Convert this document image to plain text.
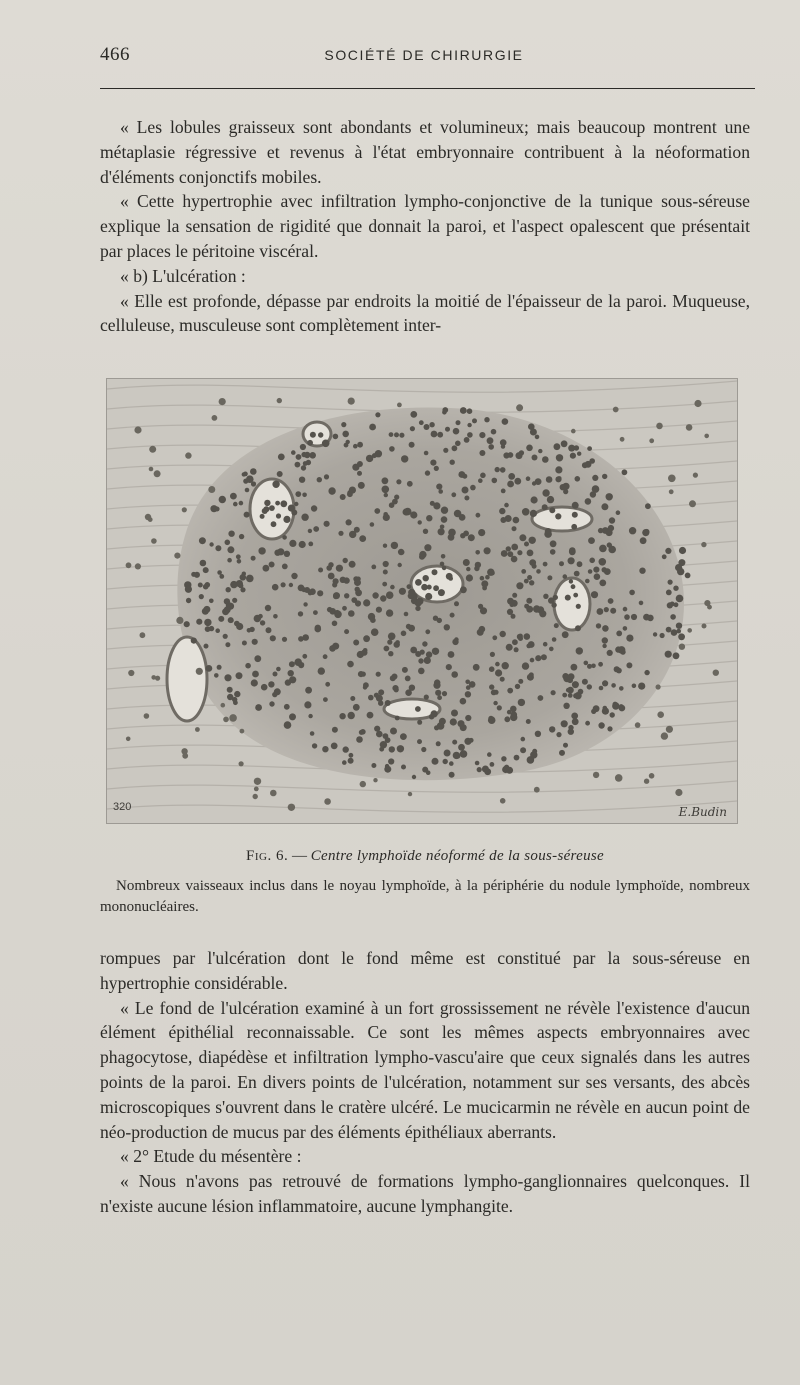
466	SOCIÉTÉ DE CHIRURGIE

« Les lobules graisseux sont abondants et volumineux; mais beaucoup montrent une métaplasie régressive et revenus à l'état embryonnaire contribuent à la néoformation d'éléments conjonctifs mobiles.

« Cette hypertrophie avec infiltration lympho-conjonctive de la tunique sous-séreuse explique la sensation de rigidité que donnait la paroi, et l'aspect opalescent que présentait par places le péritoine viscéral.

« b) L'ulcération :

« Elle est profonde, dépasse par endroits la moitié de l'épaisseur de la paroi. Muqueuse, celluleuse, musculeuse sont complètement inter-

320	E.Budin
Fig. 6. — Centre lymphoïde néoformé de la sous-séreuse
Nombreux vaisseaux inclus dans le noyau lymphoïde, à la périphérie du nodule lymphoïde, nombreux mononucléaires.

rompues par l'ulcération dont le fond même est constitué par la sous-séreuse en hypertrophie considérable.

« Le fond de l'ulcération examiné à un fort grossissement ne révèle l'existence d'aucun élément épithélial reconnaissable. Ce sont les mêmes aspects embryonnaires avec phagocytose, diapédèse et infiltration lympho-vascu'aire que ceux signalés dans les autres points de la paroi. En divers points de l'ulcération, notamment sur ses versants, des abcès microscopiques s'ouvrent dans le cratère ulcéré. Le mucicarmin ne révèle en aucun point de néo-production de mucus par des éléments épithéliaux aberrants.

« 2° Etude du mésentère :

« Nous n'avons pas retrouvé de formations lympho-ganglionnaires quelconques. Il n'existe aucune lésion inflammatoire, aucune lymphangite.
